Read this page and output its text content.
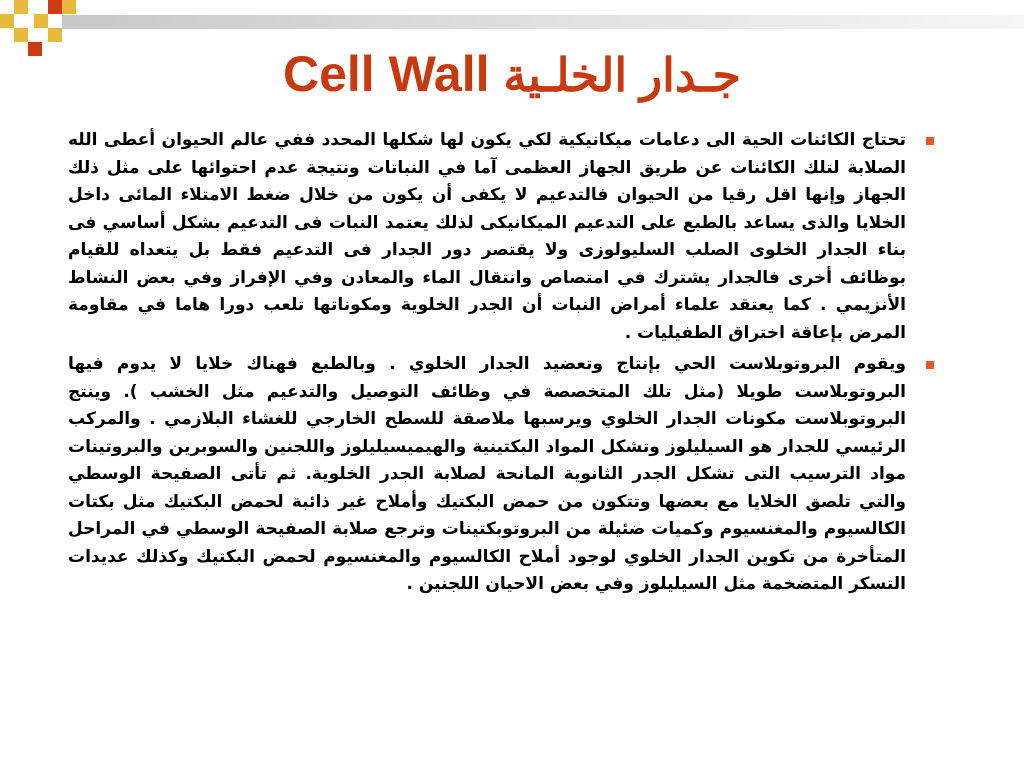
Cell Wall جـدار الخلـية
تحتاج الكائنات الحية الى دعامات ميكانيكية لكي يكون لها شكلها المحدد ففي عالم الحيوان أعطى الله الصلابة لتلك الكائنات عن طريق الجهاز العظمى آما في النباتات ونتيجة عدم احتوائها على مثل ذلك الجهاز وإنها اقل رقيا من الحيوان فالتدعيم لا يكفى أن يكون من خلال ضغط الامتلاء المائى داخل الخلايا والذى يساعد بالطبع على التدعيم الميكانيكى لذلك يعتمد النبات فى التدعيم بشكل أساسي فى بناء الجدار الخلوى الصلب السليولوزى ولا يقتصر دور الجدار فى التدعيم فقط بل يتعداه للقيام بوظائف أخرى فالجدار يشترك في امتصاص وانتقال الماء والمعادن وفي الإفراز وفي بعض النشاط الأنزيمي . كما يعتقد علماء أمراض النبات أن الجدر الخلوية ومكوناتها تلعب دورا هاما في مقاومة المرض بإعاقة اختراق الطفيليات .
ويقوم البروتوبلاست الحي بإنتاج وتعضيد الجدار الخلوي . وبالطبع فهناك خلايا لا يدوم فيها البروتوبلاست طويلا (مثل تلك المتخصصة في وظائف التوصيل والتدعيم مثل الخشب ). وينتج البروتوبلاست مكونات الجدار الخلوي ويرسبها ملاصقة للسطح الخارجي للغشاء البلازمي . والمركب الرئيسي للجدار هو السيليلوز وتشكل المواد البكتينية والهيميسيليلوز واللجنين والسوبرين والبروتينات مواد الترسيب التى تشكل الجدر الثانوية المانحة لصلابة الجدر الخلوية. ثم تأتى الصفيحة الوسطي والتي تلصق الخلايا مع بعضها وتتكون من حمض البكتيك وأملاح غير ذائبة لحمض البكتيك مثل بكتات الكالسيوم والمغنسيوم وكميات ضئيلة من البروتوبكتينات وترجع صلابة الصفيحة الوسطي في المراحل المتأخرة من تكوين الجدار الخلوي لوجود أملاح الكالسيوم والمغنسيوم لحمض البكتيك وكذلك عديدات التسكر المتضخمة مثل السيليلوز وفي بعض الاحيان اللجنين .
